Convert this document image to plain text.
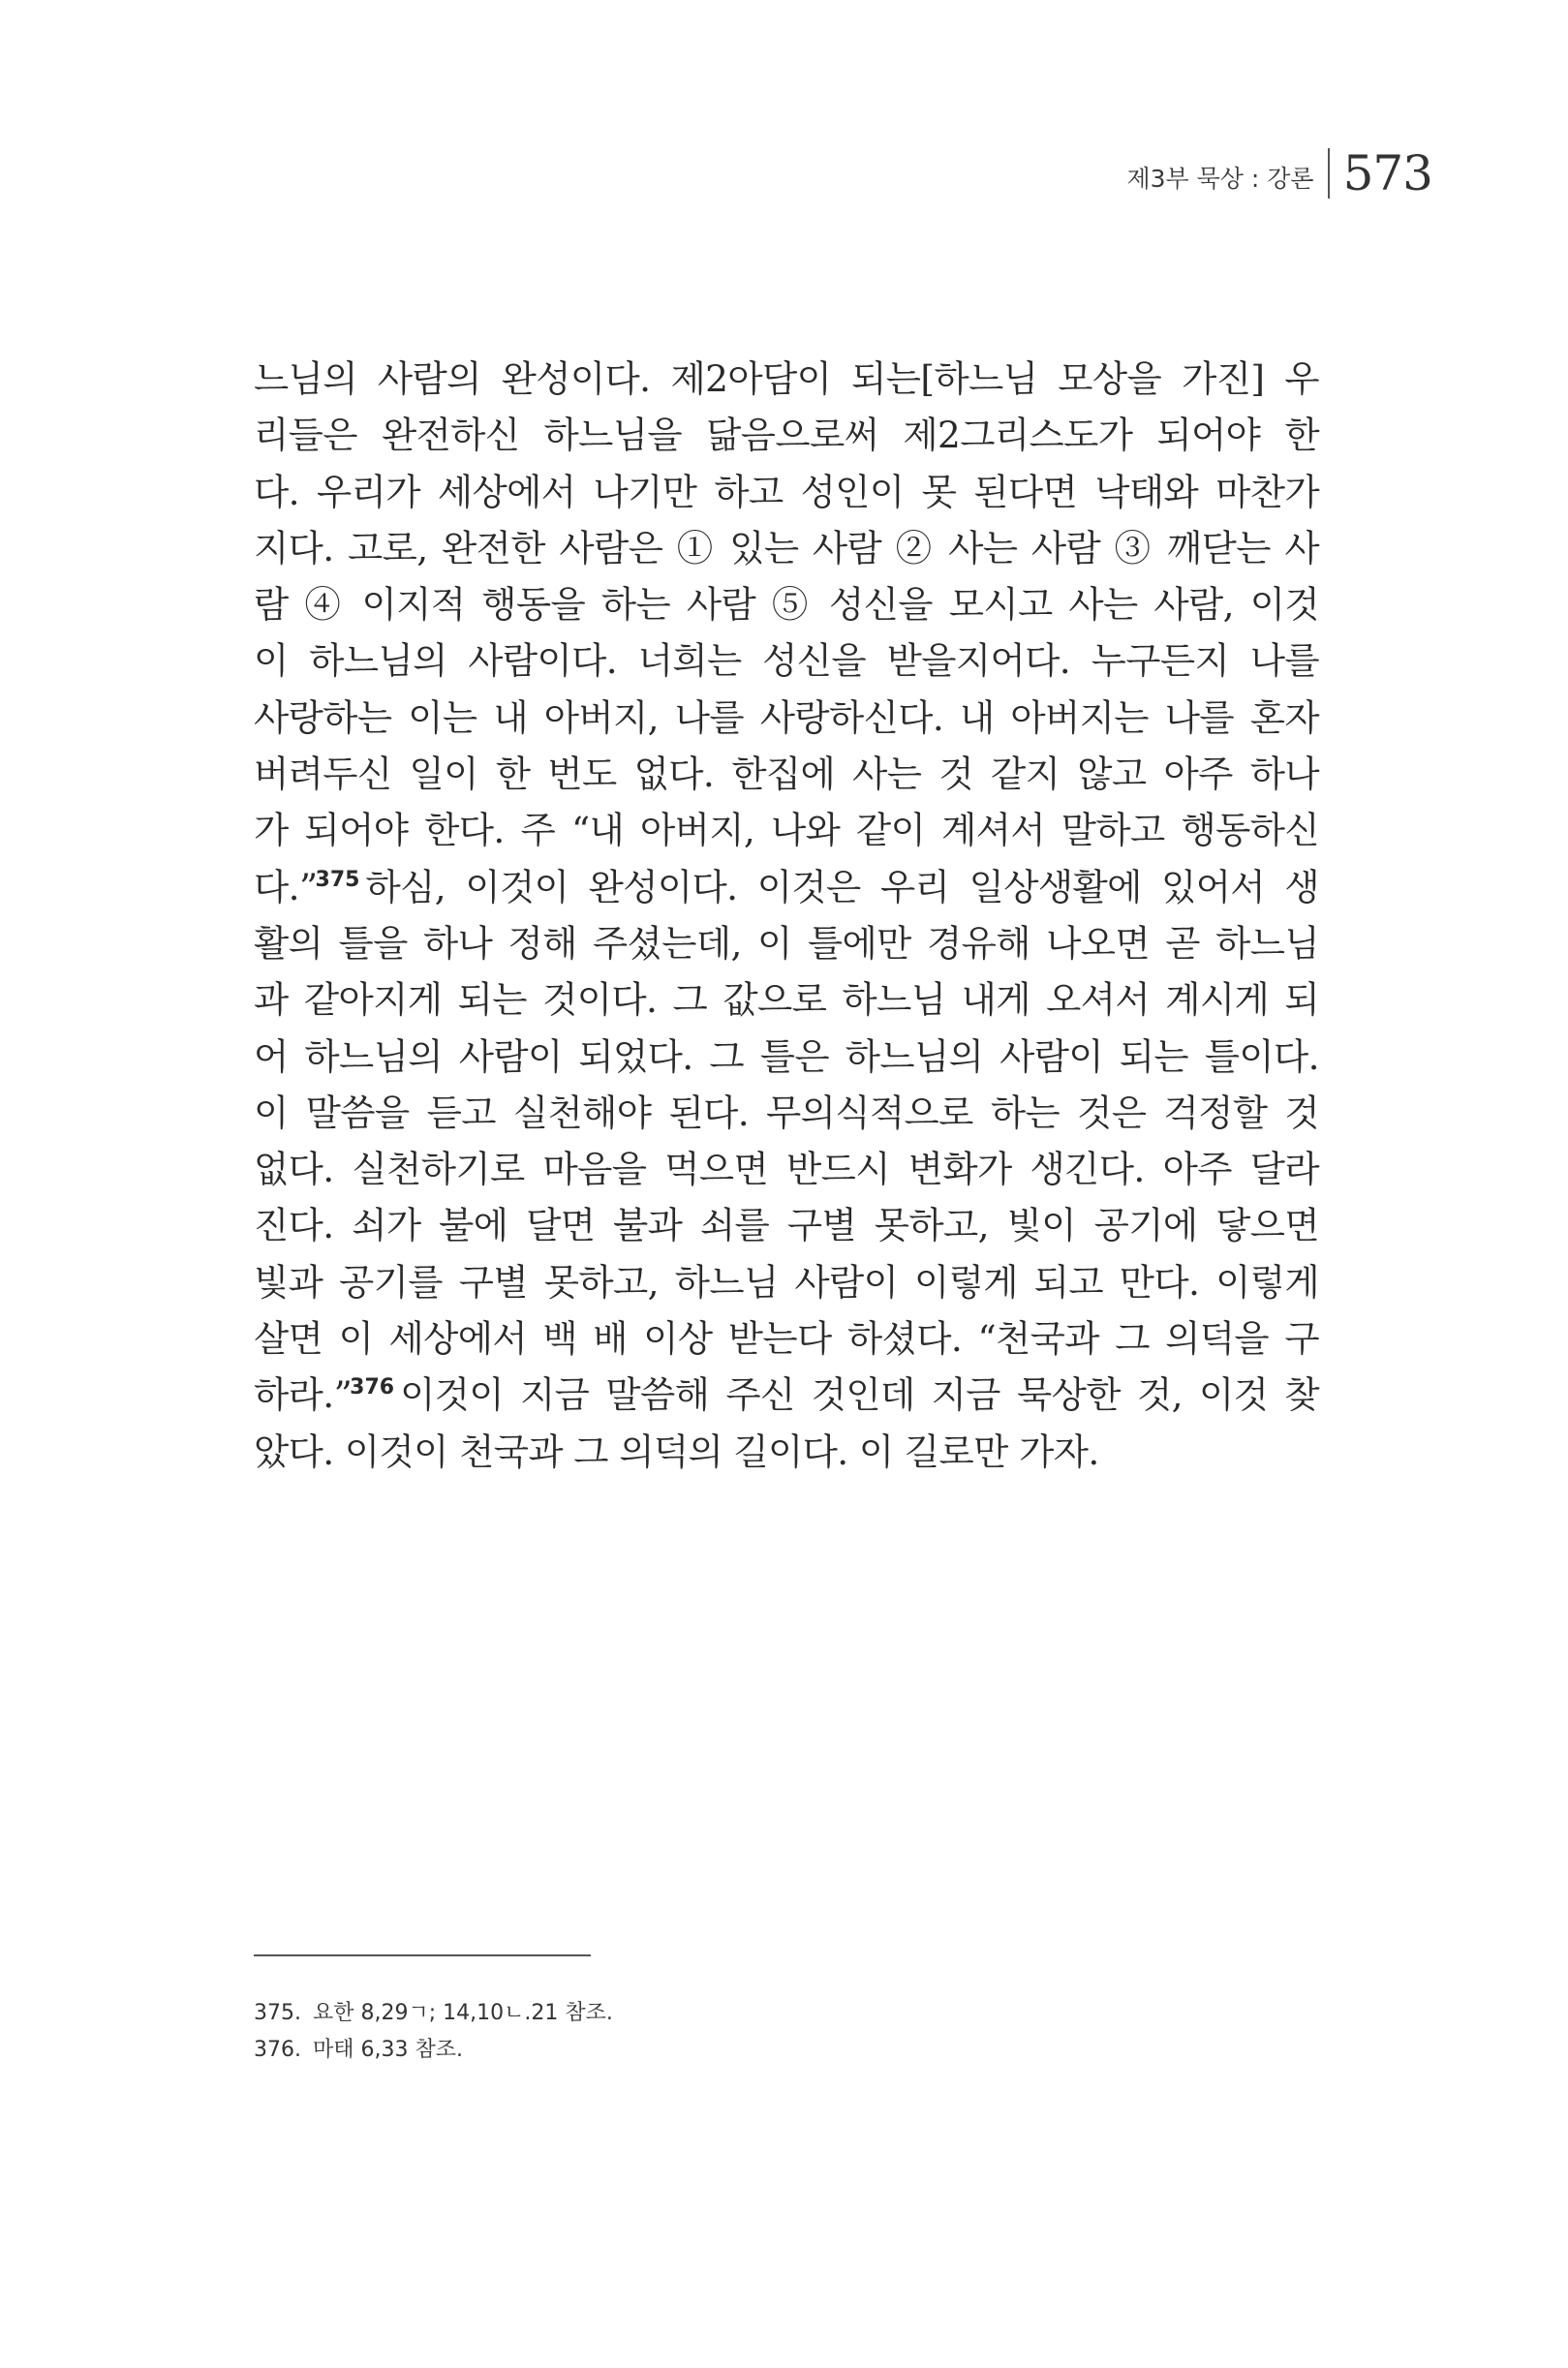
제3부 묵상 : 강론 573
느님의 사람의 완성이다. 제2아담이 되는[하느님 모상을 가진] 우
리들은 완전하신 하느님을 닮음으로써 제2그리스도가 되어야 한
다. 우리가 세상에서 나기만 하고 성인이 못 된다면 낙태와 마찬가
지다. 고로, 완전한 사람은 ① 있는 사람 ② 사는 사람 ③ 깨닫는 사
람 ④ 이지적 행동을 하는 사람 ⑤ 성신을 모시고 사는 사람, 이것
이 하느님의 사람이다. 너희는 성신을 받을지어다. 누구든지 나를
사랑하는 이는 내 아버지, 나를 사랑하신다. 내 아버지는 나를 혼자
버려두신 일이 한 번도 없다. 한집에 사는 것 같지 않고 아주 하나
가 되어야 한다. 주 “내 아버지, 나와 같이 계셔서 말하고 행동하신
다.”$^{375}$ 하심, 이것이 완성이다. 이것은 우리 일상생활에 있어서 생
활의 틀을 하나 정해 주셨는데, 이 틀에만 경유해 나오면 곧 하느님
과 같아지게 되는 것이다. 그 값으로 하느님 내게 오셔서 계시게 되
어 하느님의 사람이 되었다. 그 틀은 하느님의 사람이 되는 틀이다.
이 말씀을 듣고 실천해야 된다. 무의식적으로 하는 것은 걱정할 것
없다. 실천하기로 마음을 먹으면 반드시 변화가 생긴다. 아주 달라
진다. 쇠가 불에 달면 불과 쇠를 구별 못하고, 빛이 공기에 닿으면
빛과 공기를 구별 못하고, 하느님 사람이 이렇게 되고 만다. 이렇게
살면 이 세상에서 백 배 이상 받는다 하셨다. “천국과 그 의덕을 구
하라.”$^{376}$ 이것이 지금 말씀해 주신 것인데 지금 묵상한 것, 이것 찾
았다. 이것이 천국과 그 의덕의 길이다. 이 길로만 가자.
375. 요한 8,29ㄱ; 14,10ㄴ.21 참조.
376. 마태 6,33 참조.
